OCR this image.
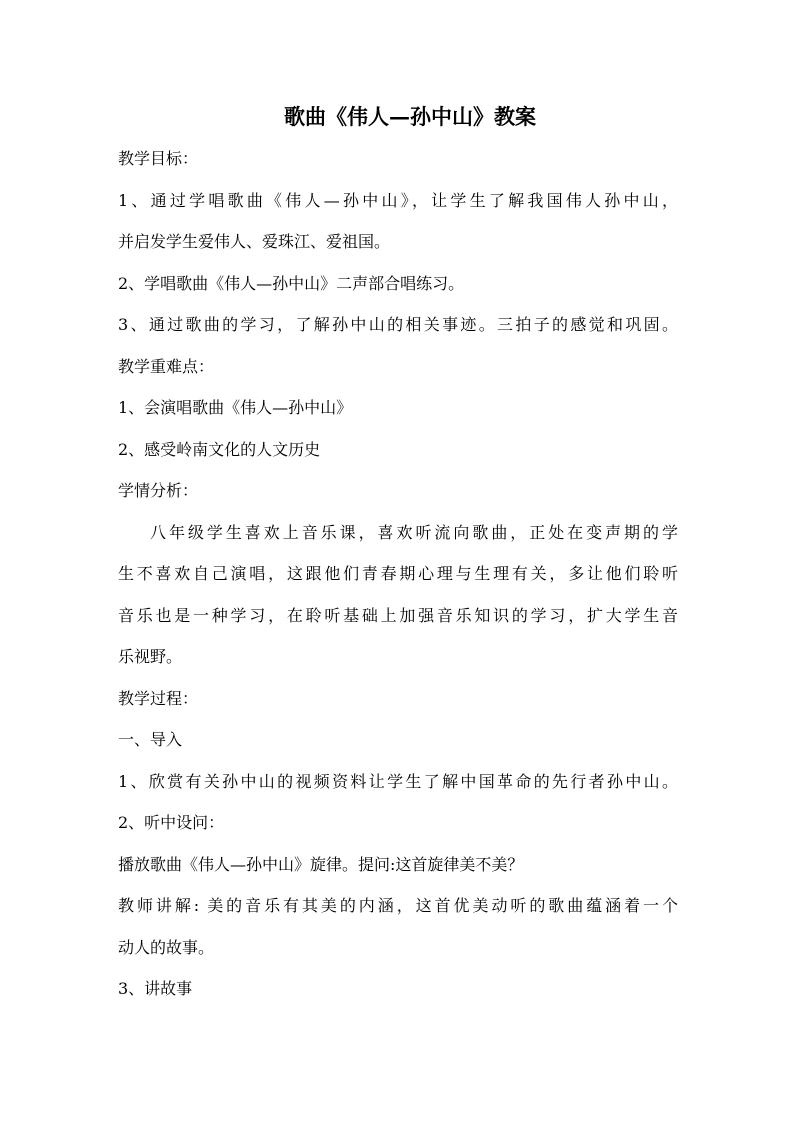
歌曲《伟人—孙中山》教案
教学目标：
1、通过学唱歌曲《伟人—孙中山》，让学生了解我国伟人孙中山，
并启发学生爱伟人、爱珠江、爱祖国。
2、学唱歌曲《伟人—孙中山》二声部合唱练习。
3、通过歌曲的学习，了解孙中山的相关事迹。三拍子的感觉和巩固。
教学重难点：
1、会演唱歌曲《伟人—孙中山》
2、感受岭南文化的人文历史
学情分析：
八年级学生喜欢上音乐课，喜欢听流向歌曲，正处在变声期的学
生不喜欢自己演唱，这跟他们青春期心理与生理有关，多让他们聆听
音乐也是一种学习，在聆听基础上加强音乐知识的学习，扩大学生音
乐视野。
教学过程：
一、导入
1、欣赏有关孙中山的视频资料让学生了解中国革命的先行者孙中山。
2、听中设问：
播放歌曲《伟人—孙中山》旋律。提问:这首旋律美不美？
教师讲解: 美的音乐有其美的内涵，这首优美动听的歌曲蕴涵着一个
动人的故事。
3、讲故事
